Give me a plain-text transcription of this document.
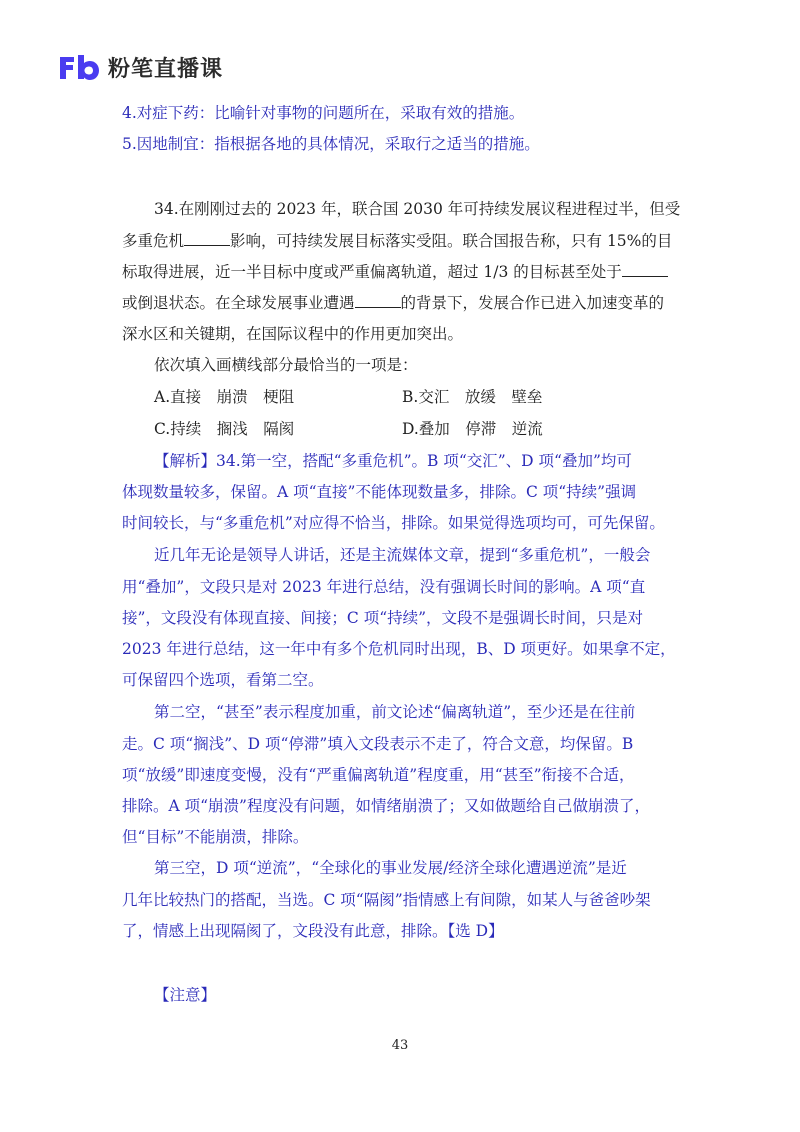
粉笔直播课
4.对症下药：比喻针对事物的问题所在，采取有效的措施。
5.因地制宜：指根据各地的具体情况，采取行之适当的措施。
34.在刚刚过去的 2023 年，联合国 2030 年可持续发展议程进程过半，但受
多重危机	影响，可持续发展目标落实受阻。联合国报告称，只有 15%的目
标取得进展，近一半目标中度或严重偏离轨道，超过 1/3 的目标甚至处于
或倒退状态。在全球发展事业遭遇	的背景下，发展合作已进入加速变革的
深水区和关键期，在国际议程中的作用更加突出。
依次填入画横线部分最恰当的一项是：
A.直接　崩溃　梗阻	B.交汇　放缓　壁垒
C.持续　搁浅　隔阂	D.叠加　停滞　逆流
【解析】34.第一空，搭配“多重危机”。B 项“交汇”、D 项“叠加”均可
体现数量较多，保留。A 项“直接”不能体现数量多，排除。C 项“持续”强调
时间较长，与“多重危机”对应得不恰当，排除。如果觉得选项均可，可先保留。
近几年无论是领导人讲话，还是主流媒体文章，提到“多重危机”，一般会
用“叠加”，文段只是对 2023 年进行总结，没有强调长时间的影响。A 项“直
接”，文段没有体现直接、间接；C 项“持续”，文段不是强调长时间，只是对
2023 年进行总结，这一年中有多个危机同时出现，B、D 项更好。如果拿不定，
可保留四个选项，看第二空。
第二空，“甚至”表示程度加重，前文论述“偏离轨道”，至少还是在往前
走。C 项“搁浅”、D 项“停滞”填入文段表示不走了，符合文意，均保留。B
项“放缓”即速度变慢，没有“严重偏离轨道”程度重，用“甚至”衔接不合适，
排除。A 项“崩溃”程度没有问题，如情绪崩溃了；又如做题给自己做崩溃了，
但“目标”不能崩溃，排除。
第三空，D 项“逆流”，“全球化的事业发展/经济全球化遭遇逆流”是近
几年比较热门的搭配，当选。C 项“隔阂”指情感上有间隙，如某人与爸爸吵架
了，情感上出现隔阂了，文段没有此意，排除。【选 D】
【注意】
43
